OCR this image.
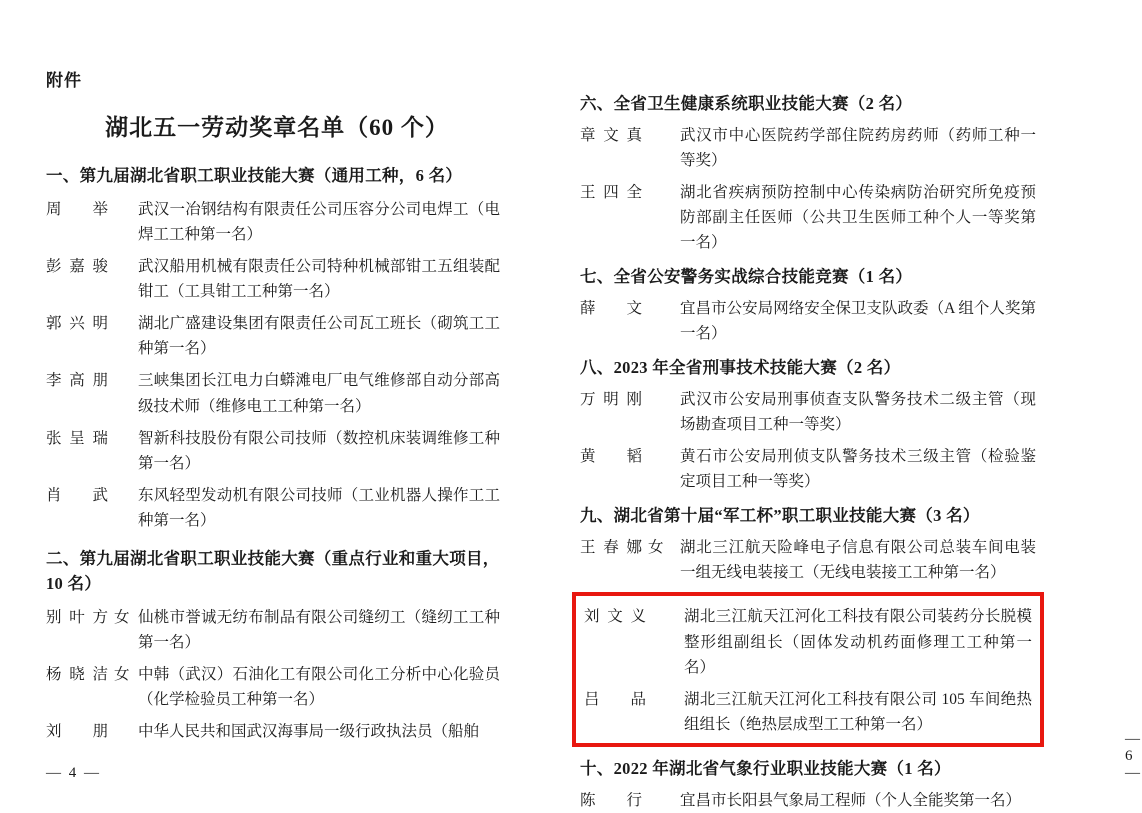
附件
湖北五一劳动奖章名单（60 个）
一、第九届湖北省职工职业技能大赛（通用工种，6 名）
周 举	武汉一冶钢结构有限责任公司压容分公司电焊工（电焊工工种第一名）
彭嘉骏	武汉船用机械有限责任公司特种机械部钳工五组装配钳工（工具钳工工种第一名）
郭兴明	湖北广盛建设集团有限责任公司瓦工班长（砌筑工工种第一名）
李高朋	三峡集团长江电力白蟒滩电厂电气维修部自动分部高级技术师（维修电工工种第一名）
张呈瑞	智新科技股份有限公司技师（数控机床装调维修工种第一名）
肖 武	东风轻型发动机有限公司技师（工业机器人操作工工种第一名）
二、第九届湖北省职工职业技能大赛（重点行业和重大项目，10 名）
别叶方 女 仙桃市誉诚无纺布制品有限公司缝纫工（缝纫工工种第一名）
杨晓洁 女 中韩（武汉）石油化工有限公司化工分析中心化验员（化学检验员工种第一名）
刘 朋	中华人民共和国武汉海事局一级行政执法员（船舶
— 4 —
六、全省卫生健康系统职业技能大赛（2 名）
章文真	武汉市中心医院药学部住院药房药师（药师工种一等奖）
王四全	湖北省疾病预防控制中心传染病防治研究所免疫预防部副主任医师（公共卫生医师工种个人一等奖第一名）
七、全省公安警务实战综合技能竞赛（1 名）
薛 文	宜昌市公安局网络安全保卫支队政委（A 组个人奖第一名）
八、2023 年全省刑事技术技能大赛（2 名）
万明刚	武汉市公安局刑事侦查支队警务技术二级主管（现场勘查项目工种一等奖）
黄 韬	黄石市公安局刑侦支队警务技术三级主管（检验鉴定项目工种一等奖）
九、湖北省第十届“军工杯”职工职业技能大赛（3 名）
王春娜 女	湖北三江航天险峰电子信息有限公司总装车间电装一组无线电装接工（无线电装接工工种第一名）
刘文义	湖北三江航天江河化工科技有限公司装药分长脱模整形组副组长（固体发动机药面修理工工种第一名）
吕 品	湖北三江航天江河化工科技有限公司 105 车间绝热组组长（绝热层成型工工种第一名）
十、2022 年湖北省气象行业职业技能大赛（1 名）
陈 行	宜昌市长阳县气象局工程师（个人全能奖第一名）
— 6 —
